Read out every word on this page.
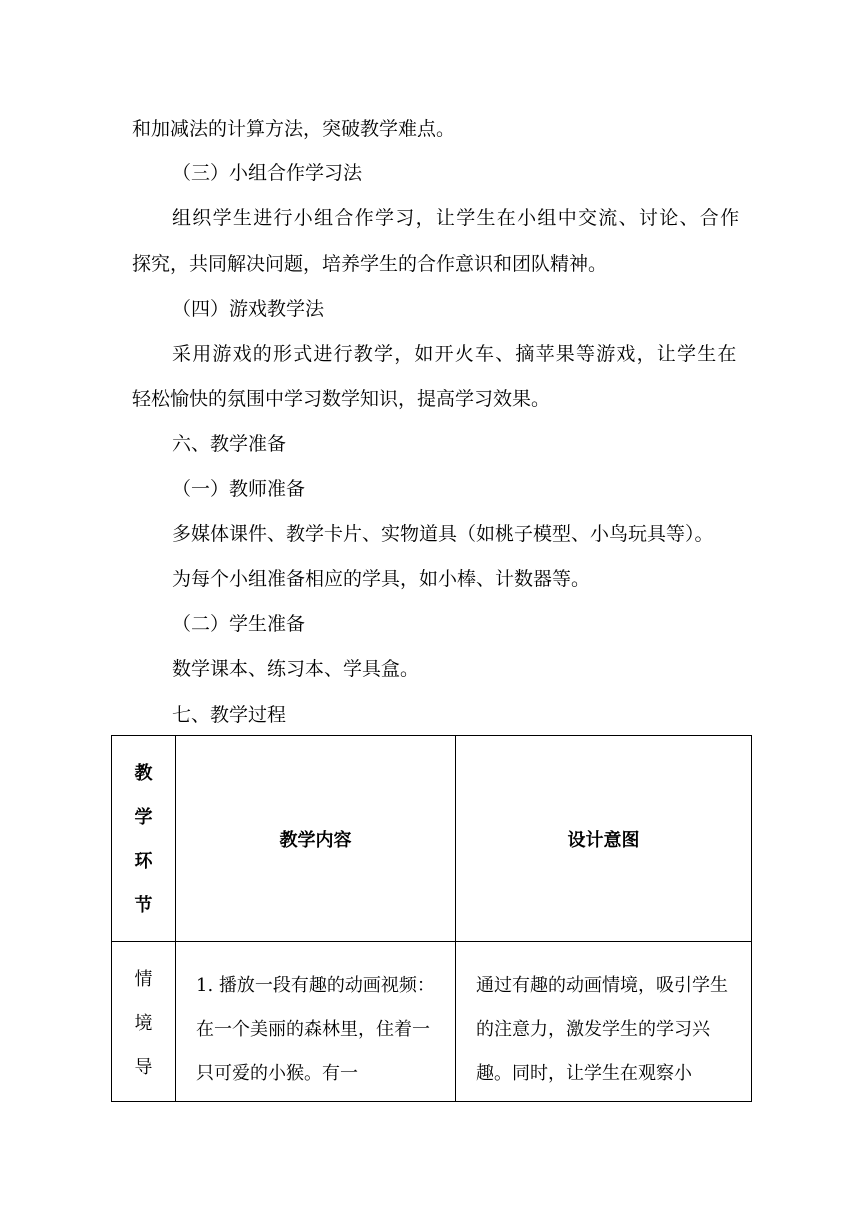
和加减法的计算方法，突破教学难点。
（三）小组合作学习法
组织学生进行小组合作学习，让学生在小组中交流、讨论、合作
探究，共同解决问题，培养学生的合作意识和团队精神。
（四）游戏教学法
采用游戏的形式进行教学，如开火车、摘苹果等游戏，让学生在
轻松愉快的氛围中学习数学知识，提高学习效果。
六、教学准备
（一）教师准备
多媒体课件、教学卡片、实物道具（如桃子模型、小鸟玩具等）。
为每个小组准备相应的学具，如小棒、计数器等。
（二）学生准备
数学课本、练习本、学具盒。
七、教学过程
教
学
环
节	教学内容	设计意图

情
境
导	1. 播放一段有趣的动画视频：在一个美丽的森林里，住着一只可爱的小猴。有一	通过有趣的动画情境，吸引学生的注意力，激发学生的学习兴趣。同时，让学生在观察小
